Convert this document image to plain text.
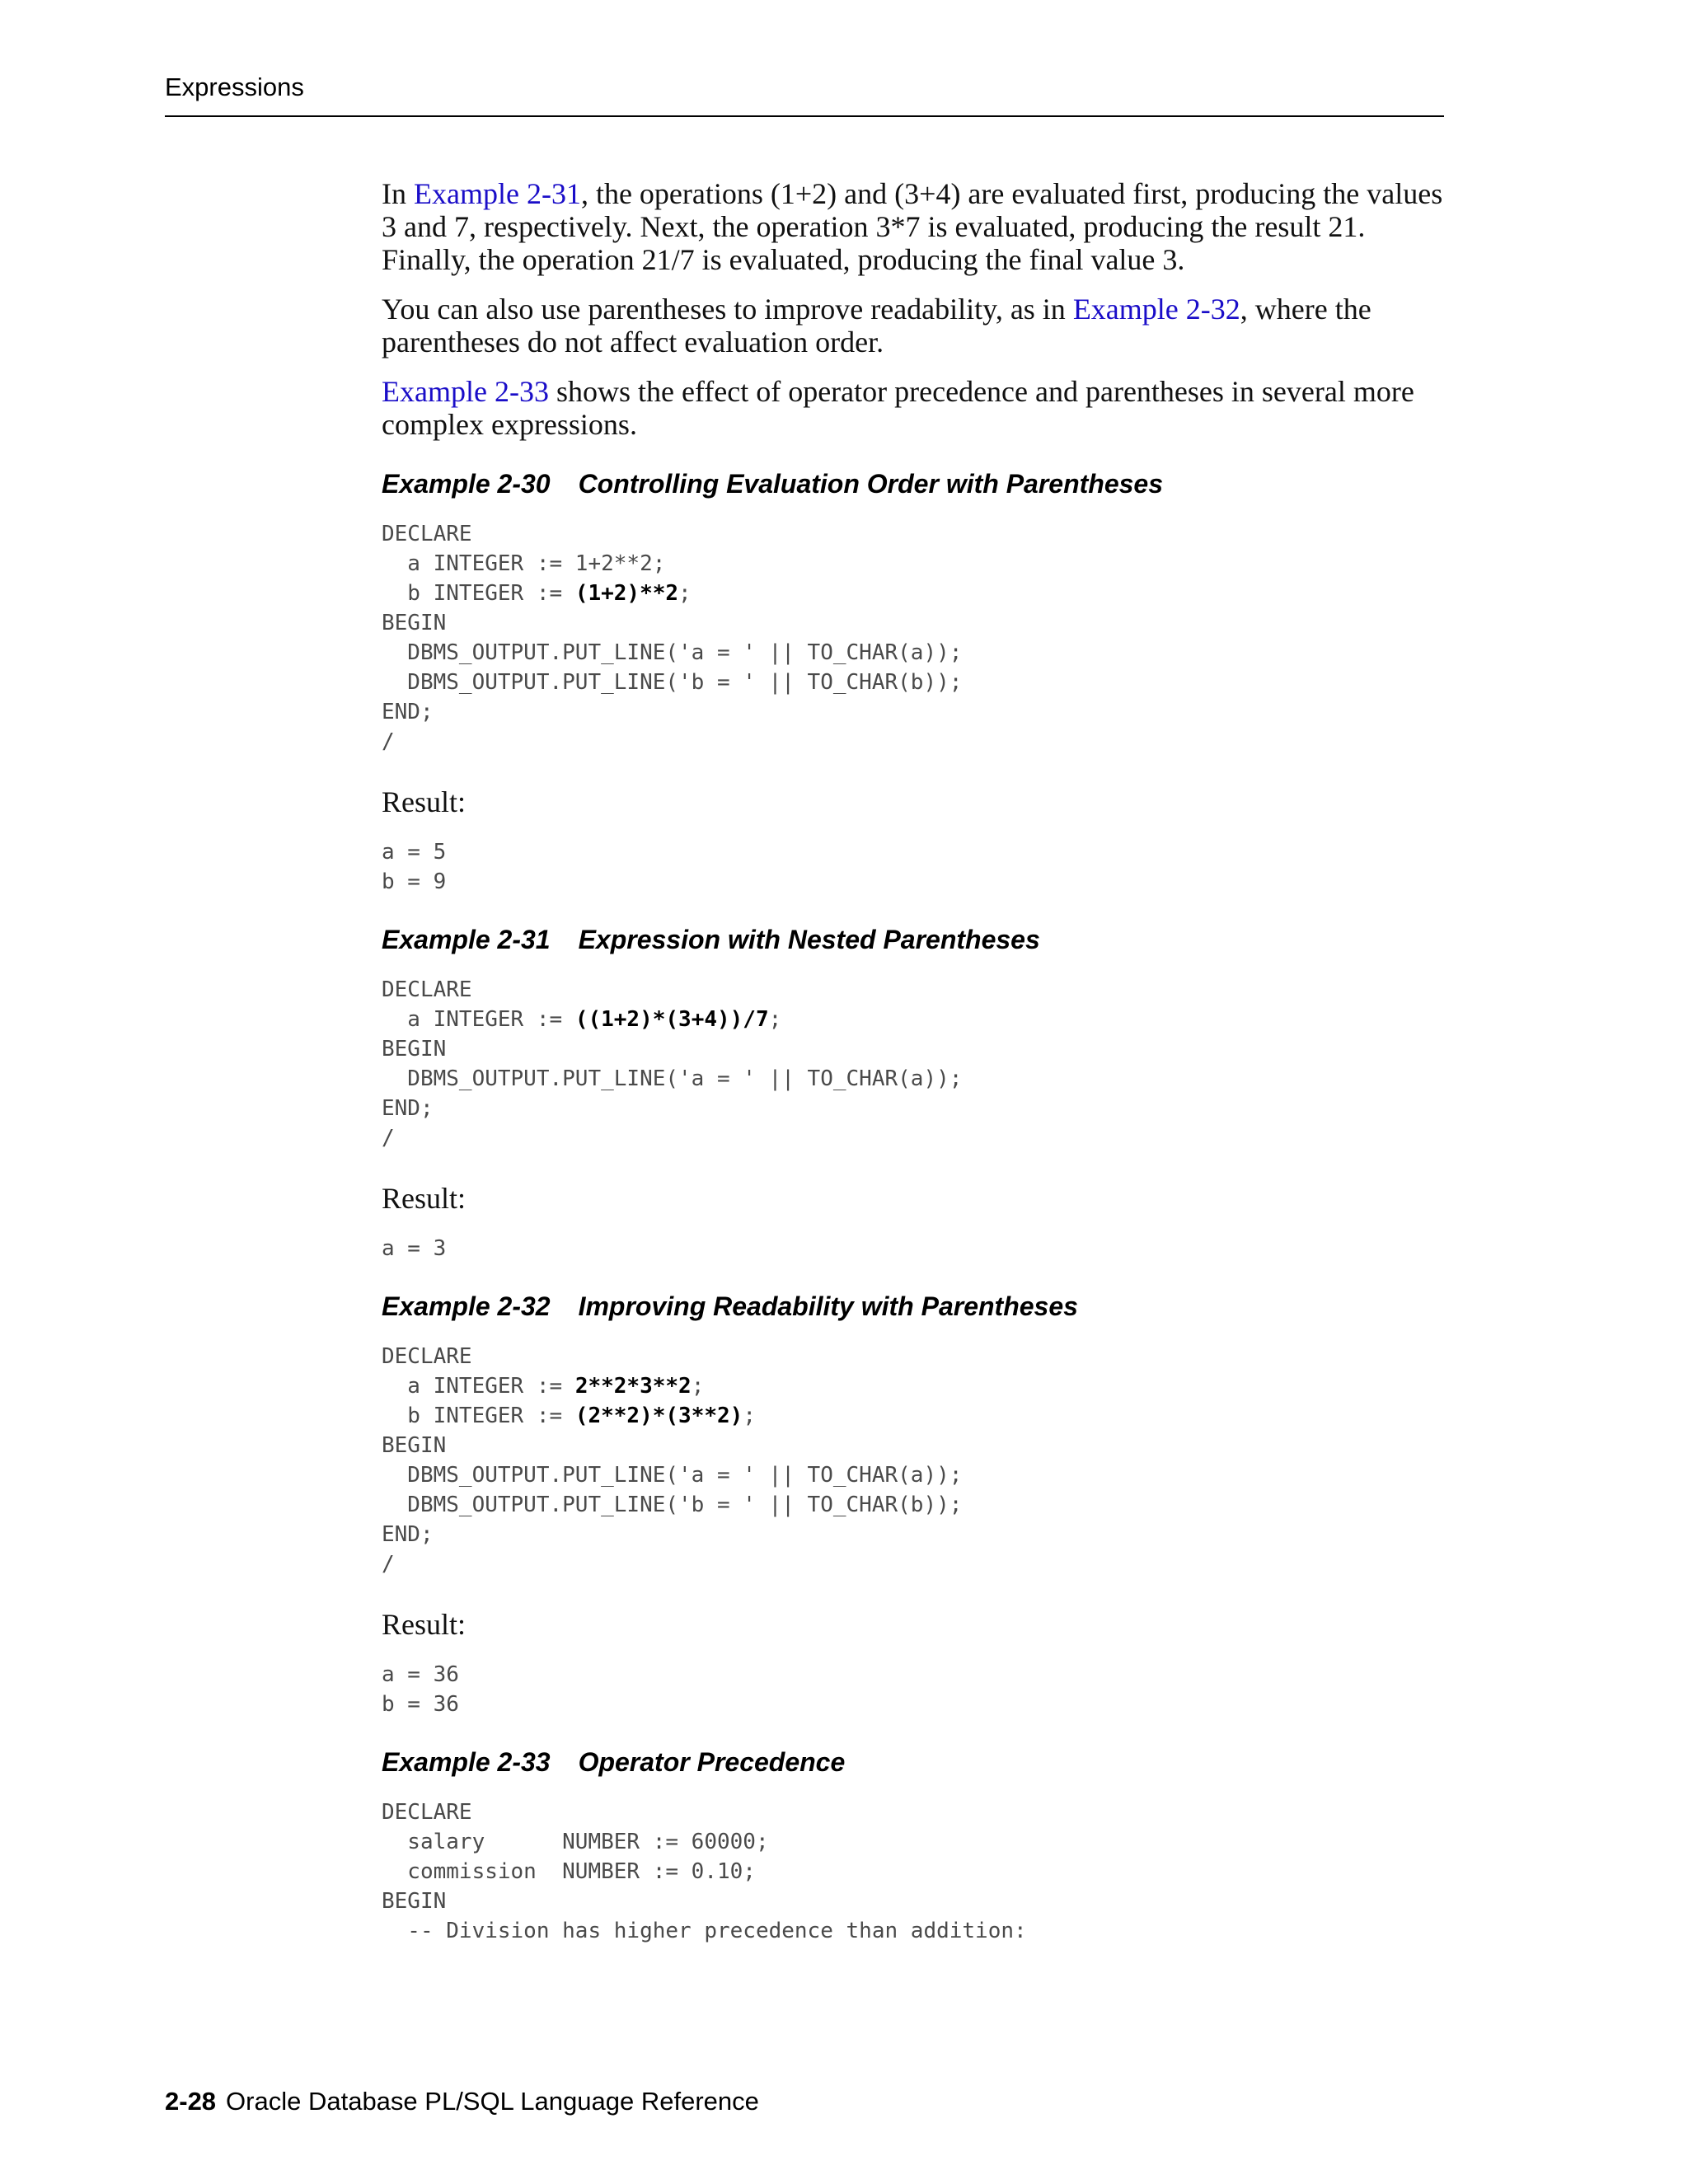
Expressions

In Example 2-31, the operations (1+2) and (3+4) are evaluated first, producing the values 3 and 7, respectively. Next, the operation 3*7 is evaluated, producing the result 21. Finally, the operation 21/7 is evaluated, producing the final value 3.

You can also use parentheses to improve readability, as in Example 2-32, where the parentheses do not affect evaluation order.

Example 2-33 shows the effect of operator precedence and parentheses in several more complex expressions.

Example 2-30 Controlling Evaluation Order with Parentheses
DECLARE
a INTEGER := 1+2**2;
b INTEGER := (1+2)**2;
BEGIN
DBMS_OUTPUT.PUT_LINE('a = ' || TO_CHAR(a));
DBMS_OUTPUT.PUT_LINE('b = ' || TO_CHAR(b));
END;
/
Result:
a = 5
b = 9
Example 2-31 Expression with Nested Parentheses
DECLARE
a INTEGER := ((1+2)*(3+4))/7;
BEGIN
DBMS_OUTPUT.PUT_LINE('a = ' || TO_CHAR(a));
END;
/
Result:
a = 3
Example 2-32 Improving Readability with Parentheses
DECLARE
a INTEGER := 2**2*3**2;
b INTEGER := (2**2)*(3**2);
BEGIN
DBMS_OUTPUT.PUT_LINE('a = ' || TO_CHAR(a));
DBMS_OUTPUT.PUT_LINE('b = ' || TO_CHAR(b));
END;
/
Result:
a = 36
b = 36
Example 2-33 Operator Precedence
DECLARE
salary      NUMBER := 60000;
commission  NUMBER := 0.10;
BEGIN
-- Division has higher precedence than addition:
2-28 Oracle Database PL/SQL Language Reference
